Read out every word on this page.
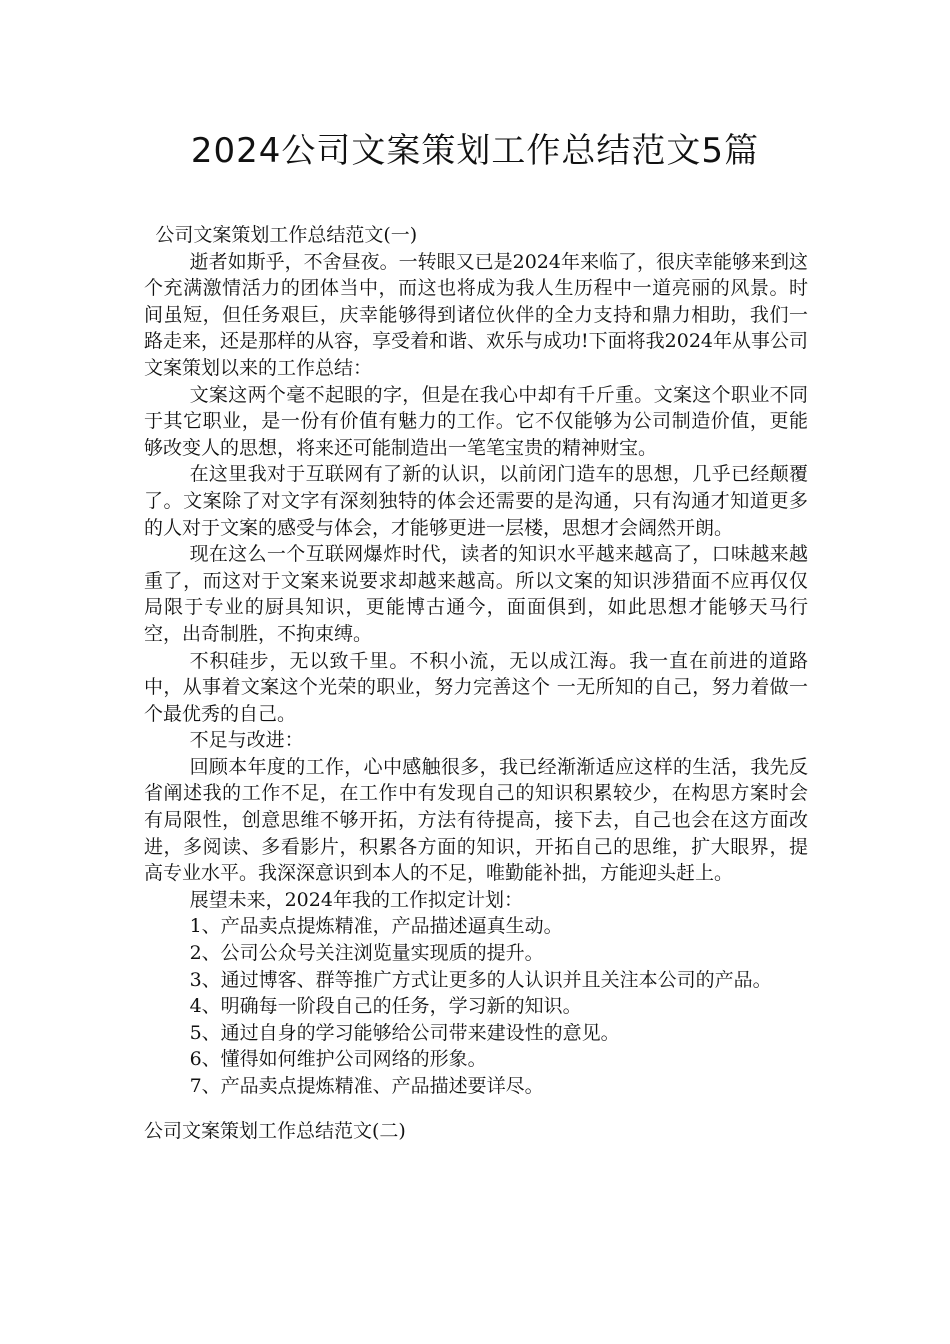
2024公司文案策划工作总结范文5篇

公司文案策划工作总结范文(一)

逝者如斯乎，不舍昼夜。一转眼又已是2024年来临了，很庆幸能够来到这个充满激情活力的团体当中，而这也将成为我人生历程中一道亮丽的风景。时间虽短，但任务艰巨，庆幸能够得到诸位伙伴的全力支持和鼎力相助，我们一路走来，还是那样的从容，享受着和谐、欢乐与成功!下面将我2024年从事公司文案策划以来的工作总结：

文案这两个毫不起眼的字，但是在我心中却有千斤重。文案这个职业不同于其它职业，是一份有价值有魅力的工作。它不仅能够为公司制造价值，更能够改变人的思想，将来还可能制造出一笔笔宝贵的精神财宝。

在这里我对于互联网有了新的认识，以前闭门造车的思想，几乎已经颠覆了。文案除了对文字有深刻独特的体会还需要的是沟通，只有沟通才知道更多的人对于文案的感受与体会，才能够更进一层楼，思想才会阔然开朗。

现在这么一个互联网爆炸时代，读者的知识水平越来越高了，口味越来越重了，而这对于文案来说要求却越来越高。所以文案的知识涉猎面不应再仅仅局限于专业的厨具知识，更能博古通今，面面俱到，如此思想才能够天马行空，出奇制胜，不拘束缚。

不积硅步，无以致千里。不积小流，无以成江海。我一直在前进的道路中，从事着文案这个光荣的职业，努力完善这个 一无所知的自己，努力着做一个最优秀的自己。

不足与改进：

回顾本年度的工作，心中感触很多，我已经渐渐适应这样的生活，我先反省阐述我的工作不足，在工作中有发现自己的知识积累较少，在构思方案时会有局限性，创意思维不够开拓，方法有待提高，接下去，自己也会在这方面改进，多阅读、多看影片，积累各方面的知识，开拓自己的思维，扩大眼界，提高专业水平。我深深意识到本人的不足，唯勤能补拙，方能迎头赶上。

展望未来，2024年我的工作拟定计划：

1、产品卖点提炼精准，产品描述逼真生动。

2、公司公众号关注浏览量实现质的提升。

3、通过博客、群等推广方式让更多的人认识并且关注本公司的产品。

4、明确每一阶段自己的任务，学习新的知识。

5、通过自身的学习能够给公司带来建设性的意见。

6、懂得如何维护公司网络的形象。

7、产品卖点提炼精准、产品描述要详尽。

公司文案策划工作总结范文(二)
